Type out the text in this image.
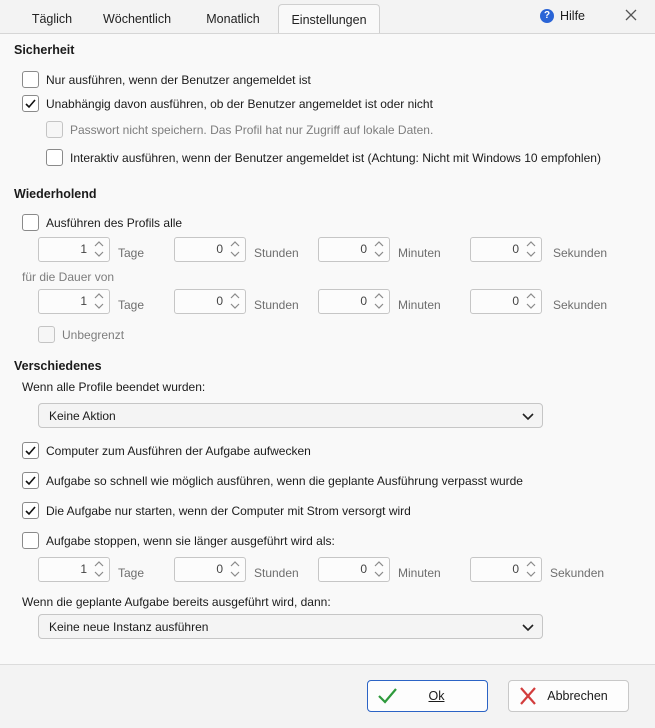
Täglich	Wöchentlich	Monatlich	Einstellungen	? Hilfe
Sicherheit
Nur ausführen, wenn der Benutzer angemeldet ist
Unabhängig davon ausführen, ob der Benutzer angemeldet ist oder nicht
Passwort nicht speichern. Das Profil hat nur Zugriff auf lokale Daten.
Interaktiv ausführen, wenn der Benutzer angemeldet ist (Achtung: Nicht mit Windows 10 empfohlen)
Wiederholend
Ausführen des Profils alle
1	Tage	0	Stunden	0	Minuten	0	Sekunden
für die Dauer von
1	Tage	0	Stunden	0	Minuten	0	Sekunden
Unbegrenzt
Verschiedenes
Wenn alle Profile beendet wurden:
Keine Aktion
Computer zum Ausführen der Aufgabe aufwecken
Aufgabe so schnell wie möglich ausführen, wenn die geplante Ausführung verpasst wurde
Die Aufgabe nur starten, wenn der Computer mit Strom versorgt wird
Aufgabe stoppen, wenn sie länger ausgeführt wird als:
1	Tage	0	Stunden	0	Minuten	0	Sekunden
Wenn die geplante Aufgabe bereits ausgeführt wird, dann:
Keine neue Instanz ausführen
Ok	Abbrechen
